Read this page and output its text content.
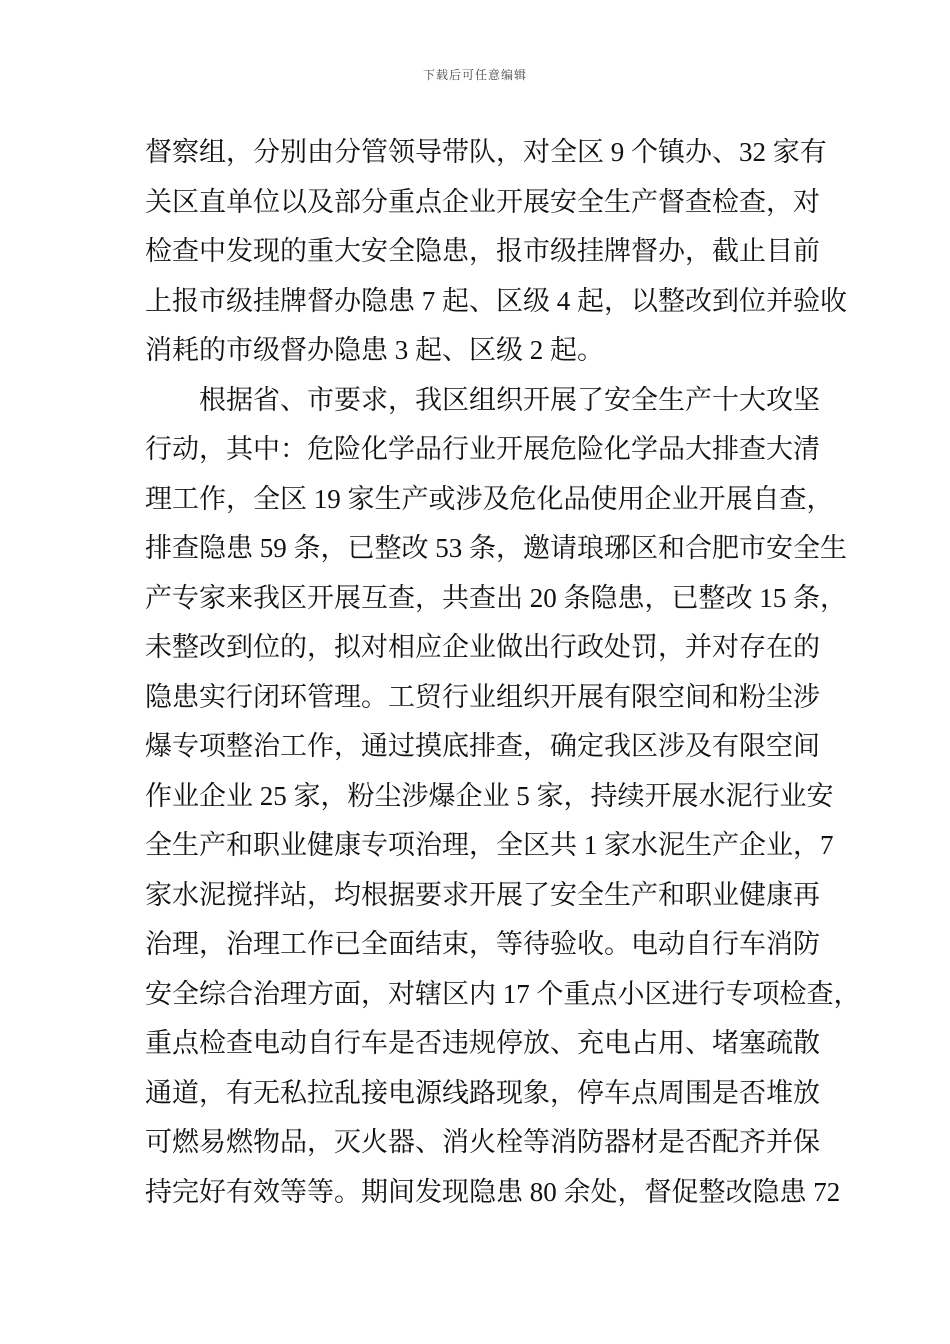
下载后可任意编辑
督察组，分别由分管领导带队，对全区 9 个镇办、32 家有
关区直单位以及部分重点企业开展安全生产督查检查，对
检查中发现的重大安全隐患，报市级挂牌督办，截止目前
上报市级挂牌督办隐患 7 起、区级 4 起，以整改到位并验收
消耗的市级督办隐患 3 起、区级 2 起。
根据省、市要求，我区组织开展了安全生产十大攻坚
行动，其中：危险化学品行业开展危险化学品大排查大清
理工作，全区 19 家生产或涉及危化品使用企业开展自查，
排查隐患 59 条，已整改 53 条，邀请琅琊区和合肥市安全生
产专家来我区开展互查，共查出 20 条隐患，已整改 15 条，
未整改到位的，拟对相应企业做出行政处罚，并对存在的
隐患实行闭环管理。工贸行业组织开展有限空间和粉尘涉
爆专项整治工作，通过摸底排查，确定我区涉及有限空间
作业企业 25 家，粉尘涉爆企业 5 家，持续开展水泥行业安
全生产和职业健康专项治理，全区共 1 家水泥生产企业，7
家水泥搅拌站，均根据要求开展了安全生产和职业健康再
治理，治理工作已全面结束，等待验收。电动自行车消防
安全综合治理方面，对辖区内 17 个重点小区进行专项检查，
重点检查电动自行车是否违规停放、充电占用、堵塞疏散
通道，有无私拉乱接电源线路现象，停车点周围是否堆放
可燃易燃物品，灭火器、消火栓等消防器材是否配齐并保
持完好有效等等。期间发现隐患 80 余处，督促整改隐患 72
